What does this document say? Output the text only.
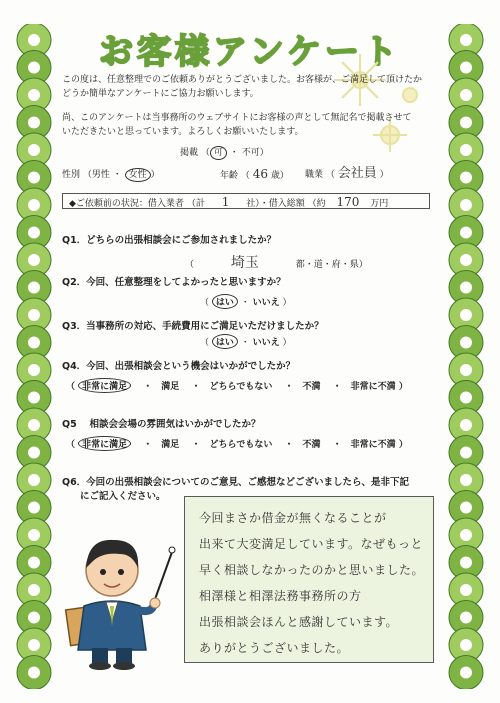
お客様アンケート
この度は、任意整理でのご依頼ありがとうございました。お客様が、ご満足して頂けたか
どうか簡単なアンケートにご協力お願いします。
尚、このアンケートは当事務所のウェブサイトにお客様の声として無記名で掲載させて
いただきたいと思っています。よろしくお願いいたします。
掲載 （ 可 ・ 不可）
性別 （男性 ・ 女性 ）	年齢 （ 46 歳） 職業 （ 会社員 ）
◆ご依頼前の状況：借入業者 （計 1 社）・借入総額 （約 170 万円
Q1．どちらの出張相談会にご参加されましたか？
（ 埼玉	都・道・府・県）
Q2．今回、任意整理をしてよかったと思いますか？
（ はい ・ いいえ ）
Q3．当事務所の対応、手続費用にご満足いただけましたか？
（ はい ・ いいえ ）
Q4．今回、出張相談会という機会はいかがでしたか？
（ 非常に満足 　・　満足 　・　どちらでもない 　・　不満 　・　非常に不満 ）
Q5　 相談会会場の雰囲気はいかがでしたか？
（ 非常に満足 　・　満足 　・　どちらでもない 　・　不満 　・　非常に不満 ）
Q6．今回の出張相談会についてのご意見、ご感想などございましたら、是非下記
にご記入ください。
今回まさか借金が無くなることが
出来て大変満足しています。なぜもっと
早く相談しなかったのかと思いました。
相澤様と相澤法務事務所の方
出張相談会ほんと感謝しています。
ありがとうございました。
